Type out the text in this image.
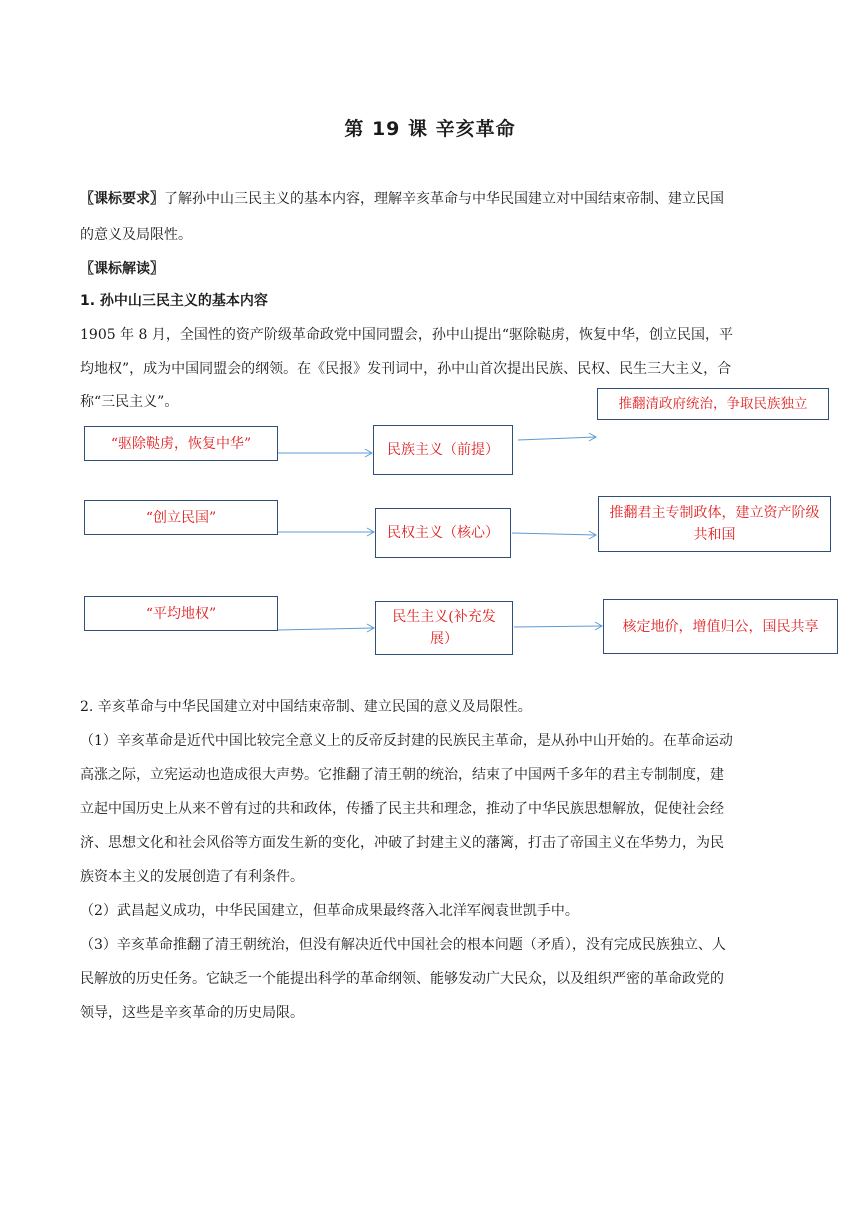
第 19 课 辛亥革命
〖课标要求〗了解孙中山三民主义的基本内容，理解辛亥革命与中华民国建立对中国结束帝制、建立民国
的意义及局限性。
〖课标解读〗
1. 孙中山三民主义的基本内容
1905 年 8 月，全国性的资产阶级革命政党中国同盟会，孙中山提出“驱除鞑虏，恢复中华，创立民国，平
均地权”，成为中国同盟会的纲领。在《民报》发刊词中，孙中山首次提出民族、民权、民生三大主义，合
称“三民主义”。
“驱除鞑虏，恢复中华”
“创立民国”
“平均地权”
民族主义（前提）
民权主义（核心）
民生主义(补充发展）
推翻清政府统治，争取民族独立
推翻君主专制政体，建立资产阶级共和国
核定地价，增值归公，国民共享
2. 辛亥革命与中华民国建立对中国结束帝制、建立民国的意义及局限性。
（1）辛亥革命是近代中国比较完全意义上的反帝反封建的民族民主革命，是从孙中山开始的。在革命运动
高涨之际，立宪运动也造成很大声势。它推翻了清王朝的统治，结束了中国两千多年的君主专制制度，建
立起中国历史上从来不曾有过的共和政体，传播了民主共和理念，推动了中华民族思想解放，促使社会经
济、思想文化和社会风俗等方面发生新的变化，冲破了封建主义的藩篱，打击了帝国主义在华势力，为民
族资本主义的发展创造了有利条件。
（2）武昌起义成功，中华民国建立，但革命成果最终落入北洋军阀袁世凯手中。
（3）辛亥革命推翻了清王朝统治，但没有解决近代中国社会的根本问题（矛盾），没有完成民族独立、人
民解放的历史任务。它缺乏一个能提出科学的革命纲领、能够发动广大民众，以及组织严密的革命政党的
领导，这些是辛亥革命的历史局限。
